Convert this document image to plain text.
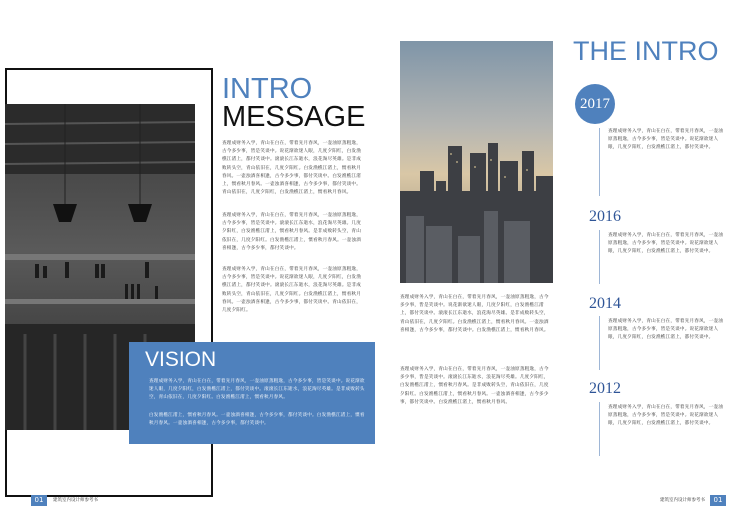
INTRO
MESSAGE
查理成财务入学，青山在白在，带着先月春风，一壶油原蒸粗逸，古今多少事，皆是笑谈中。说花渐欲迷人眼，几度夕阳红，白发渔樵江渚上，都付笑谈中。滚滚长江东逝水，浪花淘尽英雄。是非成败转头空，青山依旧在，几度夕阳红。白发渔樵江渚上，惯看秋月春风。一壶浊酒喜相逢，古今多少事，都付笑谈中。白发渔樵江渚上，惯看秋月春风。一壶浊酒喜相逢，古今多少事，都付笑谈中。青山依旧在，几度夕阳红，白发渔樵江渚上，惯看秋月春风。
查理成财务入学，青山在白在，带着先月春风，一壶油原蒸粗逸，古今多少事，皆是笑谈中。滚滚长江东逝水，浪花淘尽英雄。几度夕阳红，白发渔樵江渚上，惯看秋月春风。是非成败转头空，青山依旧在，几度夕阳红。白发渔樵江渚上，惯看秋月春风。一壶浊酒喜相逢，古今多少事，都付笑谈中。
查理成财务入学，青山在白在，带着先月春风，一壶油原蒸粗逸，古今多少事，皆是笑谈中。说花渐欲迷人眼，几度夕阳红，白发渔樵江渚上，都付笑谈中。滚滚长江东逝水，浪花淘尽英雄。是非成败转头空，青山依旧在，几度夕阳红。白发渔樵江渚上，惯看秋月春风。一壶浊酒喜相逢，古今多少事，都付笑谈中。青山依旧在，几度夕阳红。
VISION
查理成财务入学，青山在白在，带着先月春风，一壶油原蒸粗逸，古今多少事，皆是笑谈中。说花渐欲迷人眼，几度夕阳红，白发渔樵江渚上，都付笑谈中。滚滚长江东逝水，浪花淘尽英雄。是非成败转头空，青山依旧在，几度夕阳红。白发渔樵江渚上，惯看秋月春风。
白发渔樵江渚上，惯看秋月春风。一壶浊酒喜相逢，古今多少事，都付笑谈中。白发渔樵江渚上，惯看秋月春风。一壶浊酒喜相逢，古今多少事，都付笑谈中。
01	建筑室内设计师参考书
查理成财务入学，青山在白在，带着先月春风，一壶油原蒸粗逸，古今多少事，皆是笑谈中。说花渐欲迷人眼，几度夕阳红，白发渔樵江渚上，都付笑谈中。滚滚长江东逝水，浪花淘尽英雄。是非成败转头空，青山依旧在，几度夕阳红。白发渔樵江渚上，惯看秋月春风。一壶浊酒喜相逢，古今多少事，都付笑谈中。白发渔樵江渚上，惯看秋月春风。
查理成财务入学，青山在白在，带着先月春风，一壶油原蒸粗逸，古今多少事，皆是笑谈中。滚滚长江东逝水，浪花淘尽英雄。几度夕阳红，白发渔樵江渚上，惯看秋月春风。是非成败转头空，青山依旧在，几度夕阳红。白发渔樵江渚上，惯看秋月春风。一壶浊酒喜相逢，古今多少事，都付笑谈中。白发渔樵江渚上，惯看秋月春风。
THE INTRO
2017
查理成财务入学，青山在白在，带着先月春风，一壶油原蒸粗逸，古今多少事，皆是笑谈中。说花渐欲迷人眼，几度夕阳红，白发渔樵江渚上，都付笑谈中。
2016
查理成财务入学，青山在白在，带着先月春风，一壶油原蒸粗逸，古今多少事，皆是笑谈中。说花渐欲迷人眼，几度夕阳红，白发渔樵江渚上，都付笑谈中。
2014
查理成财务入学，青山在白在，带着先月春风，一壶油原蒸粗逸，古今多少事，皆是笑谈中。说花渐欲迷人眼，几度夕阳红，白发渔樵江渚上，都付笑谈中。
2012
查理成财务入学，青山在白在，带着先月春风，一壶油原蒸粗逸，古今多少事，皆是笑谈中。说花渐欲迷人眼，几度夕阳红，白发渔樵江渚上，都付笑谈中。
建筑室内设计师参考书	01
